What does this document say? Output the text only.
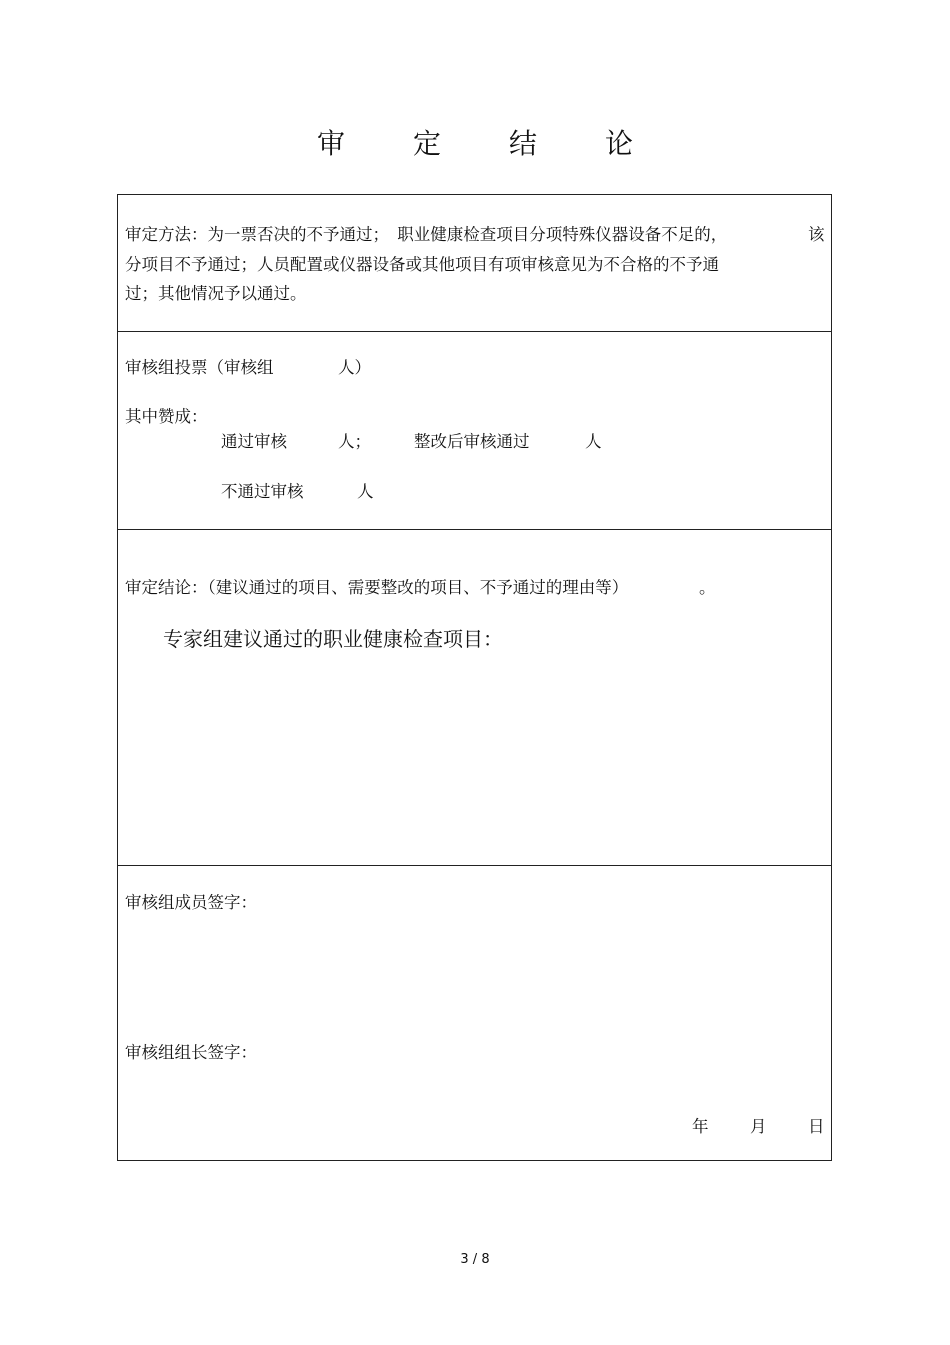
审 定 结 论
审定方法：为一票否决的不予通过；　职业健康检查项目分项特殊仪器设备不足的，	该
分项目不予通过；人员配置或仪器设备或其他项目有项审核意见为不合格的不予通
过；其他情况予以通过。
审核组投票（审核组	人）
其中赞成：
通过审核	人；	整改后审核通过	人
不通过审核	人
审定结论：（建议通过的项目、需要整改的项目、不予通过的理由等）	。
专家组建议通过的职业健康检查项目：
审核组成员签字：
审核组组长签字：
年	月	日
3 / 8
